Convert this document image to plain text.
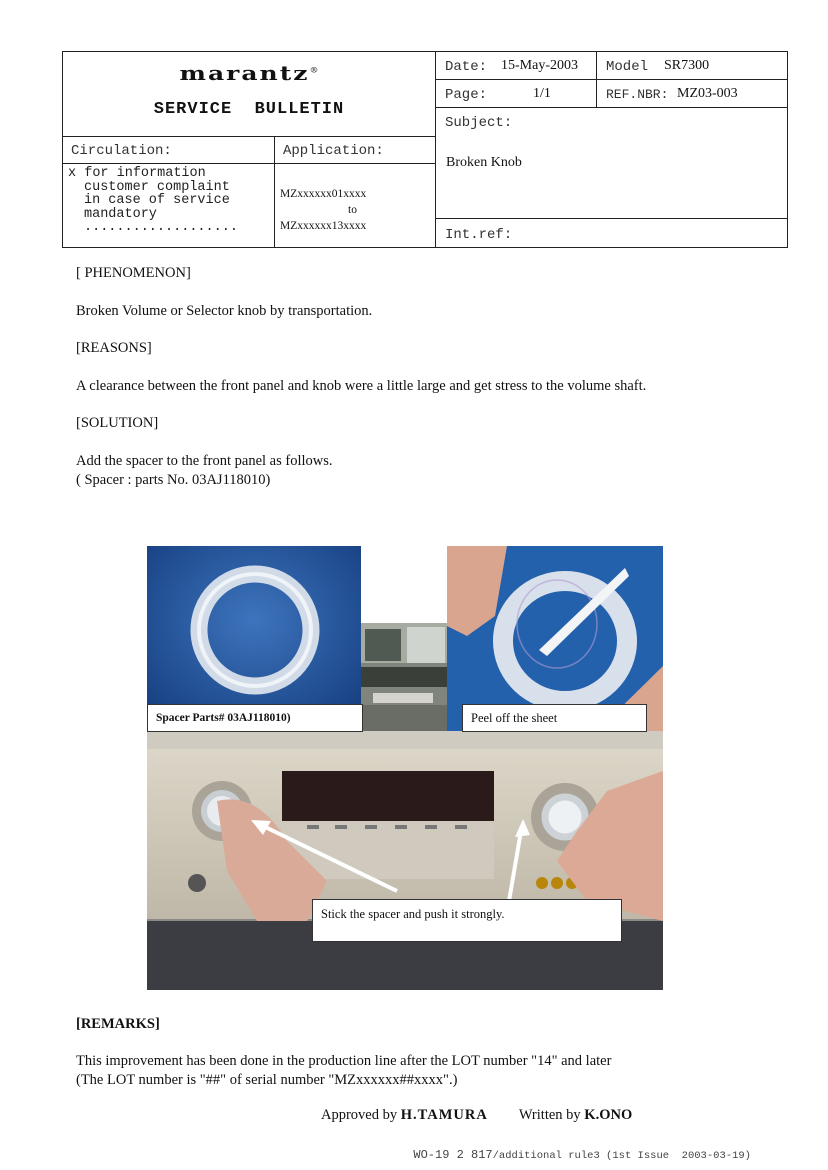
marantz®
SERVICE  BULLETIN
Date: 15-May-2003 Model SR7300
Page:	1/1	REF.NBR: MZ03-003
Subject:
Broken Knob
Int.ref:
Circulation:
x for information
customer complaint
in case of service
mandatory
...................
Application:
MZxxxxxx01xxxx
to
MZxxxxxx13xxxx
[ PHENOMENON]
Broken Volume or Selector knob by transportation.
[REASONS]
A clearance between the front panel and knob were a little large and get stress to the volume shaft.
[SOLUTION]
Add the spacer to the front panel as follows.
( Spacer : parts No. 03AJ118010)
Spacer Parts# 03AJ118010)	Peel off the sheet
Stick the spacer and push it strongly.
[REMARKS]
This improvement has been done in the production line after the LOT number "14" and later
(The LOT number is "##" of serial number "MZxxxxxx##xxxx".)
Approved by H.TAMURA Written by K.ONO

WO-19 2 817/additional rule3 (1st Issue  2003-03-19)
